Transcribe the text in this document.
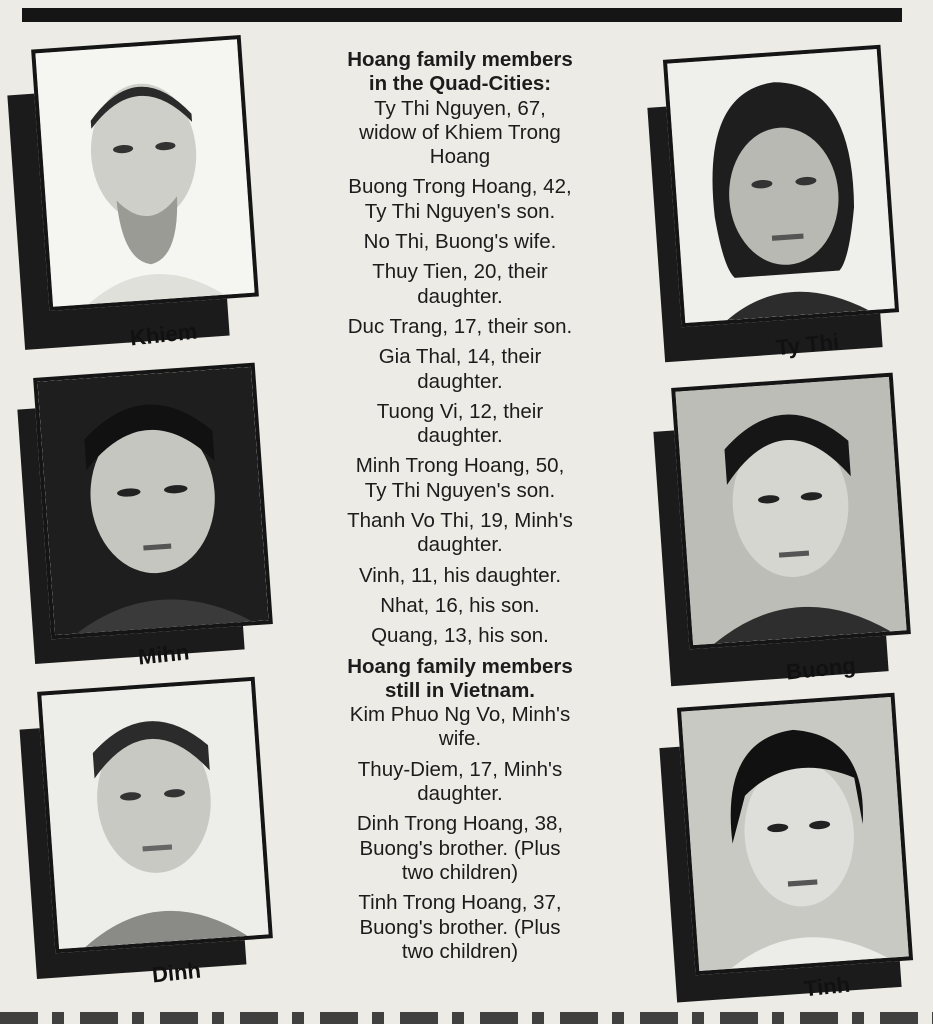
Khiem
Mihn
Dinh
Ty Thi
Buong
Tinh

Hoang family members

in the Quad-Cities:

Ty Thi Nguyen, 67,

widow of Khiem Trong

Hoang

Buong Trong Hoang, 42,

Ty Thi Nguyen's son.

No Thi, Buong's wife.

Thuy Tien, 20, their

daughter.

Duc Trang, 17, their son.

Gia Thal, 14, their

daughter.

Tuong Vi, 12, their

daughter.

Minh Trong Hoang, 50,

Ty Thi Nguyen's son.

Thanh Vo Thi, 19, Minh's

daughter.

Vinh, 11, his daughter.

Nhat, 16, his son.

Quang, 13, his son.

Hoang family members

still in Vietnam.

Kim Phuo Ng Vo, Minh's

wife.

Thuy-Diem, 17, Minh's

daughter.

Dinh Trong Hoang, 38,

Buong's brother. (Plus

two children)

Tinh Trong Hoang, 37,

Buong's brother. (Plus

two children)
